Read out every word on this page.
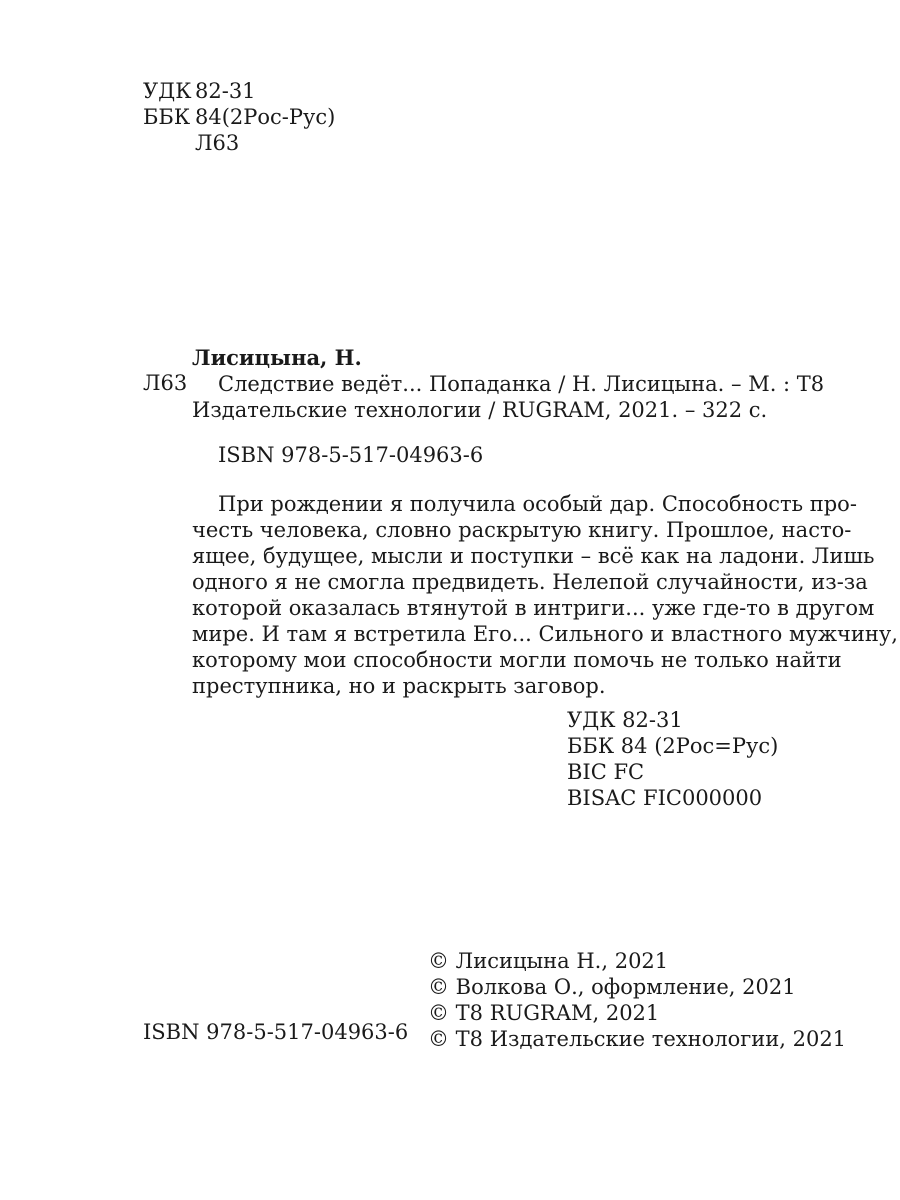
УДК 82-31
ББК 84(2Рос-Рус)
Л63
Лисицына, Н.
Л63	Следствие ведёт... Попаданка / Н. Лисицына. – М. : Т8
Издательские технологии / RUGRAM, 2021. – 322 с.
ISBN 978-5-517-04963-6
При рождении я получила особый дар. Способность про-
честь человека, словно раскрытую книгу. Прошлое, насто-
ящее, будущее, мысли и поступки – всё как на ладони. Лишь
одного я не смогла предвидеть. Нелепой случайности, из-за
которой оказалась втянутой в интриги... уже где-то в другом
мире. И там я встретила Его... Сильного и властного мужчину,
которому мои способности могли помочь не только найти
преступника, но и раскрыть заговор.
УДК 82-31
ББК 84 (2Рос=Рус)
BIC FC
BISAC FIC000000
© Лисицына Н., 2021
© Волкова О., оформление, 2021
© T8 RUGRAM, 2021
© Т8 Издательские технологии, 2021
ISBN 978-5-517-04963-6
